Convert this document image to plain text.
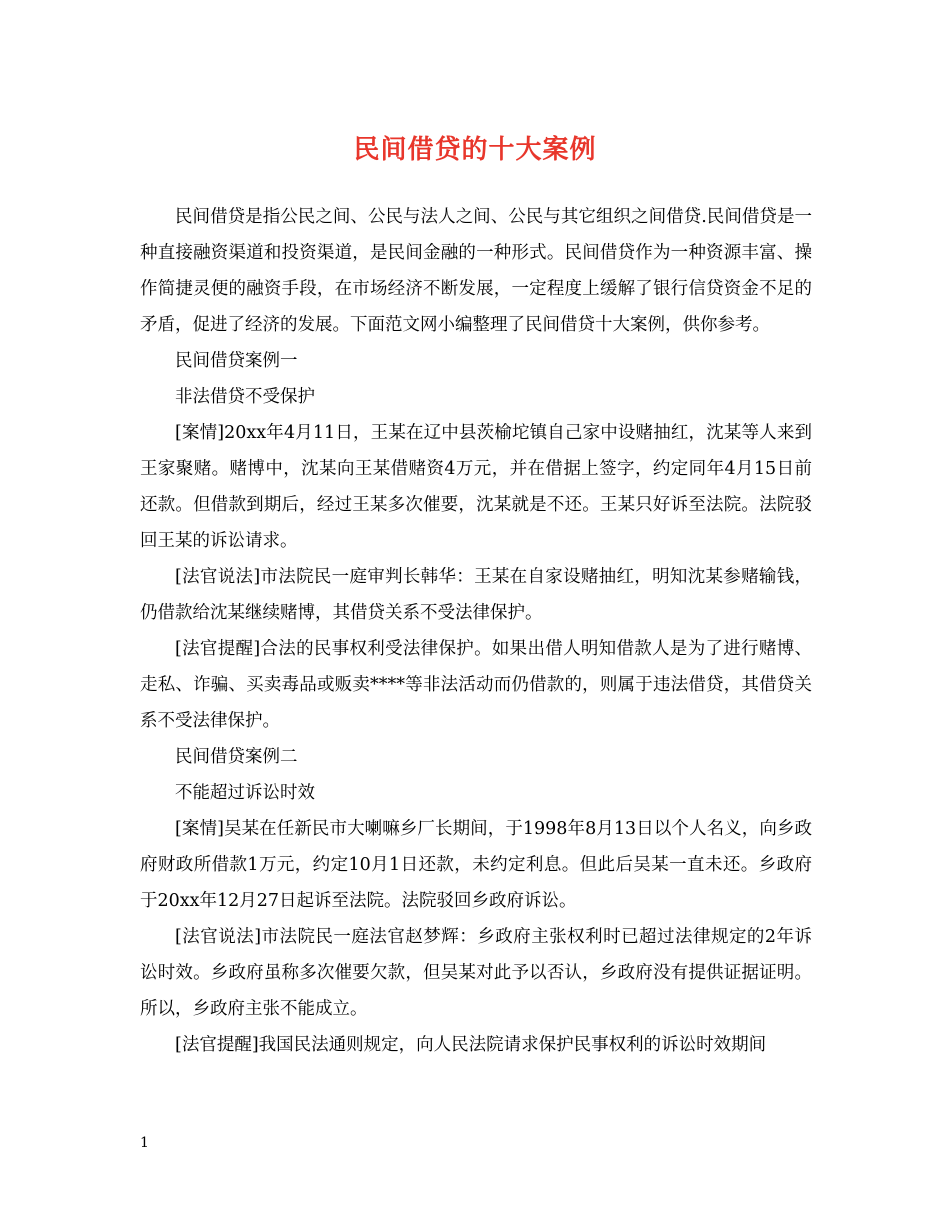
民间借贷的十大案例

民间借贷是指公民之间、公民与法人之间、公民与其它组织之间借贷.民间借贷是一种直接融资渠道和投资渠道，是民间金融的一种形式。民间借贷作为一种资源丰富、操作简捷灵便的融资手段，在市场经济不断发展，一定程度上缓解了银行信贷资金不足的矛盾，促进了经济的发展。下面范文网小编整理了民间借贷十大案例，供你参考。

民间借贷案例一

非法借贷不受保护

[案情]20xx年4月11日，王某在辽中县茨榆坨镇自己家中设赌抽红，沈某等人来到王家聚赌。赌博中，沈某向王某借赌资4万元，并在借据上签字，约定同年4月15日前还款。但借款到期后，经过王某多次催要，沈某就是不还。王某只好诉至法院。法院驳回王某的诉讼请求。

[法官说法]市法院民一庭审判长韩华：王某在自家设赌抽红，明知沈某参赌输钱，仍借款给沈某继续赌博，其借贷关系不受法律保护。

[法官提醒]合法的民事权利受法律保护。如果出借人明知借款人是为了进行赌博、走私、诈骗、买卖毒品或贩卖****等非法活动而仍借款的，则属于违法借贷，其借贷关系不受法律保护。

民间借贷案例二

不能超过诉讼时效

[案情]吴某在任新民市大喇嘛乡厂长期间，于1998年8月13日以个人名义，向乡政府财政所借款1万元，约定10月1日还款，未约定利息。但此后吴某一直未还。乡政府于20xx年12月27日起诉至法院。法院驳回乡政府诉讼。

[法官说法]市法院民一庭法官赵梦辉：乡政府主张权利时已超过法律规定的2年诉讼时效。乡政府虽称多次催要欠款，但吴某对此予以否认，乡政府没有提供证据证明。所以，乡政府主张不能成立。

[法官提醒]我国民法通则规定，向人民法院请求保护民事权利的诉讼时效期间

1
